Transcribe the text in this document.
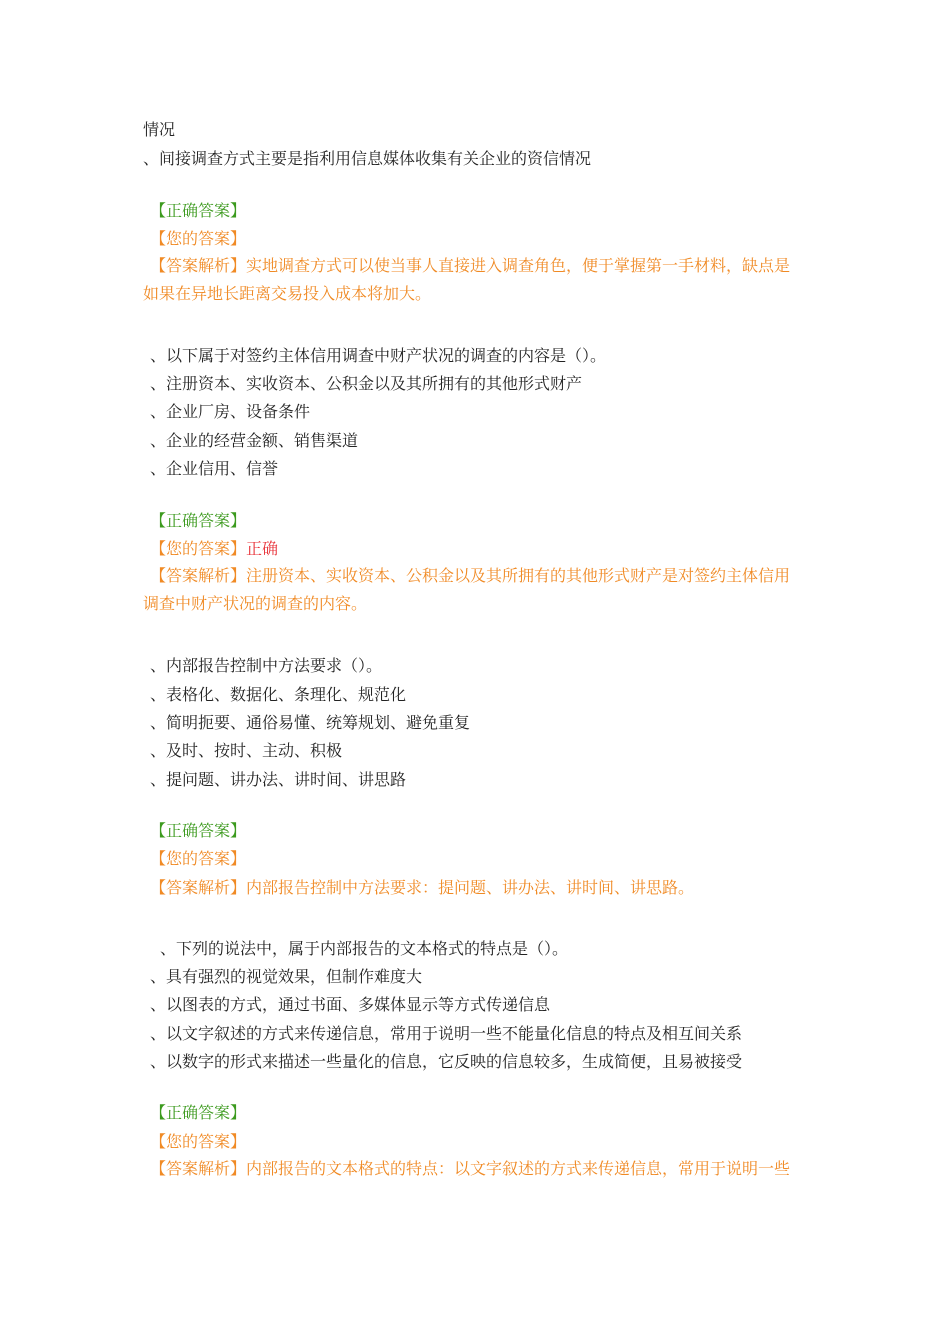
情况
、间接调查方式主要是指利用信息媒体收集有关企业的资信情况
【正确答案】
【您的答案】
【答案解析】实地调查方式可以使当事人直接进入调查角色，便于掌握第一手材料，缺点是如果在异地长距离交易投入成本将加大。
、以下属于对签约主体信用调查中财产状况的调查的内容是（）。
、注册资本、实收资本、公积金以及其所拥有的其他形式财产
、企业厂房、设备条件
、企业的经营金额、销售渠道
、企业信用、信誉
【正确答案】
【您的答案】正确
【答案解析】注册资本、实收资本、公积金以及其所拥有的其他形式财产是对签约主体信用调查中财产状况的调查的内容。
、内部报告控制中方法要求（）。
、表格化、数据化、条理化、规范化
、简明扼要、通俗易懂、统筹规划、避免重复
、及时、按时、主动、积极
、提问题、讲办法、讲时间、讲思路
【正确答案】
【您的答案】
【答案解析】内部报告控制中方法要求：提问题、讲办法、讲时间、讲思路。
、下列的说法中，属于内部报告的文本格式的特点是（）。
、具有强烈的视觉效果，但制作难度大
、以图表的方式，通过书面、多媒体显示等方式传递信息
、以文字叙述的方式来传递信息，常用于说明一些不能量化信息的特点及相互间关系
、以数字的形式来描述一些量化的信息，它反映的信息较多，生成简便，且易被接受
【正确答案】
【您的答案】
【答案解析】内部报告的文本格式的特点：以文字叙述的方式来传递信息，常用于说明一些
